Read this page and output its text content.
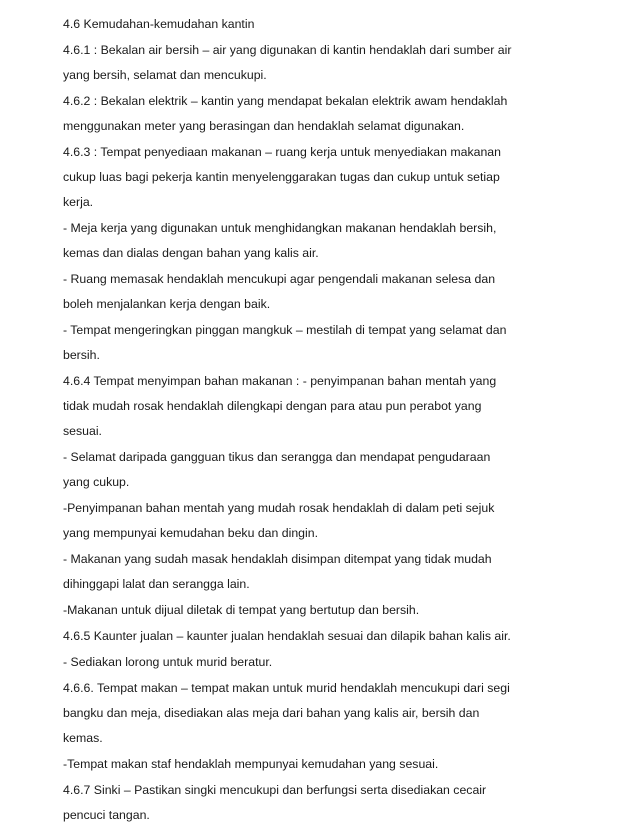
4.6 Kemudahan-kemudahan kantin

4.6.1 : Bekalan air bersih – air yang digunakan di kantin hendaklah dari sumber air yang bersih, selamat dan mencukupi.

4.6.2 : Bekalan elektrik – kantin yang mendapat bekalan elektrik awam hendaklah menggunakan meter yang berasingan dan hendaklah selamat digunakan.

4.6.3 : Tempat penyediaan makanan – ruang kerja untuk menyediakan makanan cukup luas bagi pekerja kantin menyelenggarakan tugas dan cukup untuk setiap kerja.

- Meja kerja yang digunakan untuk menghidangkan makanan hendaklah bersih, kemas dan dialas dengan bahan yang kalis air.

- Ruang memasak hendaklah mencukupi agar pengendali makanan selesa dan boleh menjalankan kerja dengan baik.

- Tempat mengeringkan pinggan mangkuk – mestilah di tempat yang selamat dan bersih.

4.6.4 Tempat menyimpan bahan makanan : - penyimpanan bahan mentah yang tidak mudah rosak hendaklah dilengkapi dengan para atau pun perabot yang sesuai.

- Selamat daripada gangguan tikus dan serangga dan mendapat pengudaraan yang cukup.

-Penyimpanan bahan mentah yang mudah rosak hendaklah di dalam peti sejuk yang mempunyai kemudahan beku dan dingin.

- Makanan yang sudah masak hendaklah disimpan ditempat yang tidak mudah dihinggapi lalat dan serangga lain.

-Makanan untuk dijual diletak di tempat yang bertutup dan bersih.

4.6.5 Kaunter jualan – kaunter jualan hendaklah sesuai dan dilapik bahan kalis air.

- Sediakan lorong untuk murid beratur.

4.6.6. Tempat makan – tempat makan untuk murid hendaklah mencukupi dari segi bangku dan meja, disediakan alas meja dari bahan yang kalis air, bersih dan kemas.

-Tempat makan staf hendaklah mempunyai kemudahan yang sesuai.

4.6.7 Sinki – Pastikan singki mencukupi dan berfungsi serta disediakan cecair pencuci tangan.
